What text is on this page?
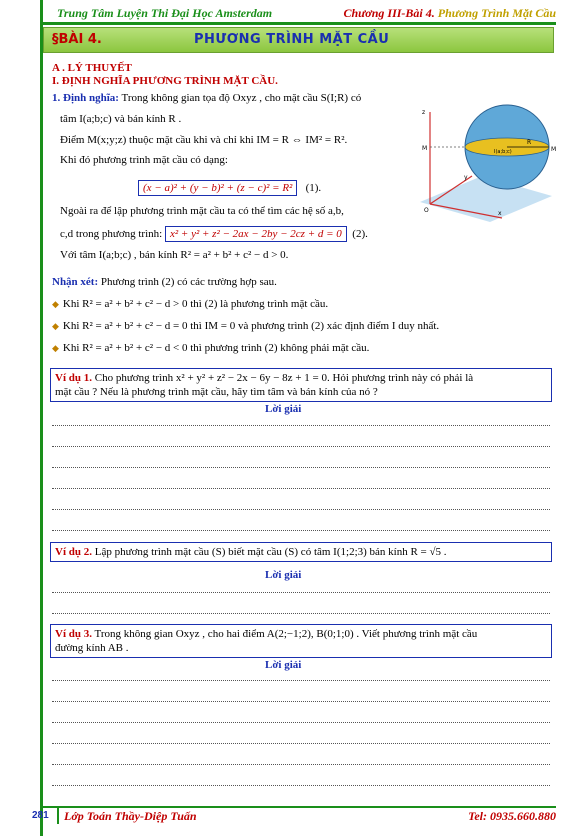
Trung Tâm Luyện Thi Đại Học Amsterdam	Chương III-Bài 4. Phương Trình Mặt Cầu
§BÀI 4.	PHƯƠNG TRÌNH MẶT CẦU
A . LÝ THUYẾT
I. ĐỊNH NGHĨA PHƯƠNG TRÌNH MẶT CẦU.
1. Định nghĩa: Trong không gian tọa độ Oxyz , cho mặt cầu S(I;R) có
tâm I(a;b;c) và bán kính R .
Điểm M(x;y;z) thuộc mặt cầu khi và chỉ khi IM = R ⇔ IM² = R².
Khi đó phương trình mặt cầu có dạng:
(x − a)² + (y − b)² + (z − c)² = R² (1).
Ngoài ra để lập phương trình mặt cầu ta có thể tìm các hệ số a,b,
c,d trong phương trình: x² + y² + z² − 2ax − 2by − 2cz + d = 0 (2).
Với tâm I(a;b;c) , bán kính R² = a² + b² + c² − d > 0.
z
M
R
I(a;b;c)	M
y
x
O
Nhận xét: Phương trình (2) có các trường hợp sau.
◆ Khi R² = a² + b² + c² − d > 0 thì (2) là phương trình mặt cầu.
◆ Khi R² = a² + b² + c² − d = 0 thì IM = 0 và phương trình (2) xác định điểm I duy nhất.
◆ Khi R² = a² + b² + c² − d < 0 thì phương trình (2) không phải mặt cầu.
Ví dụ 1. Cho phương trình x² + y² + z² − 2x − 6y − 8z + 1 = 0. Hỏi phương trình này có phải là
mặt cầu ? Nếu là phương trình mặt cầu, hãy tìm tâm và bán kính của nó ?
Lời giải
Ví dụ 2. Lập phương trình mặt cầu (S) biết mặt cầu (S) có tâm I(1;2;3) bán kính R = √5 .
Lời giải
Ví dụ 3. Trong không gian Oxyz , cho hai điểm A(2;−1;2), B(0;1;0) . Viết phương trình mặt cầu
đường kính AB .
Lời giải
281 Lớp Toán Thầy-Diệp Tuấn	Tel: 0935.660.880
